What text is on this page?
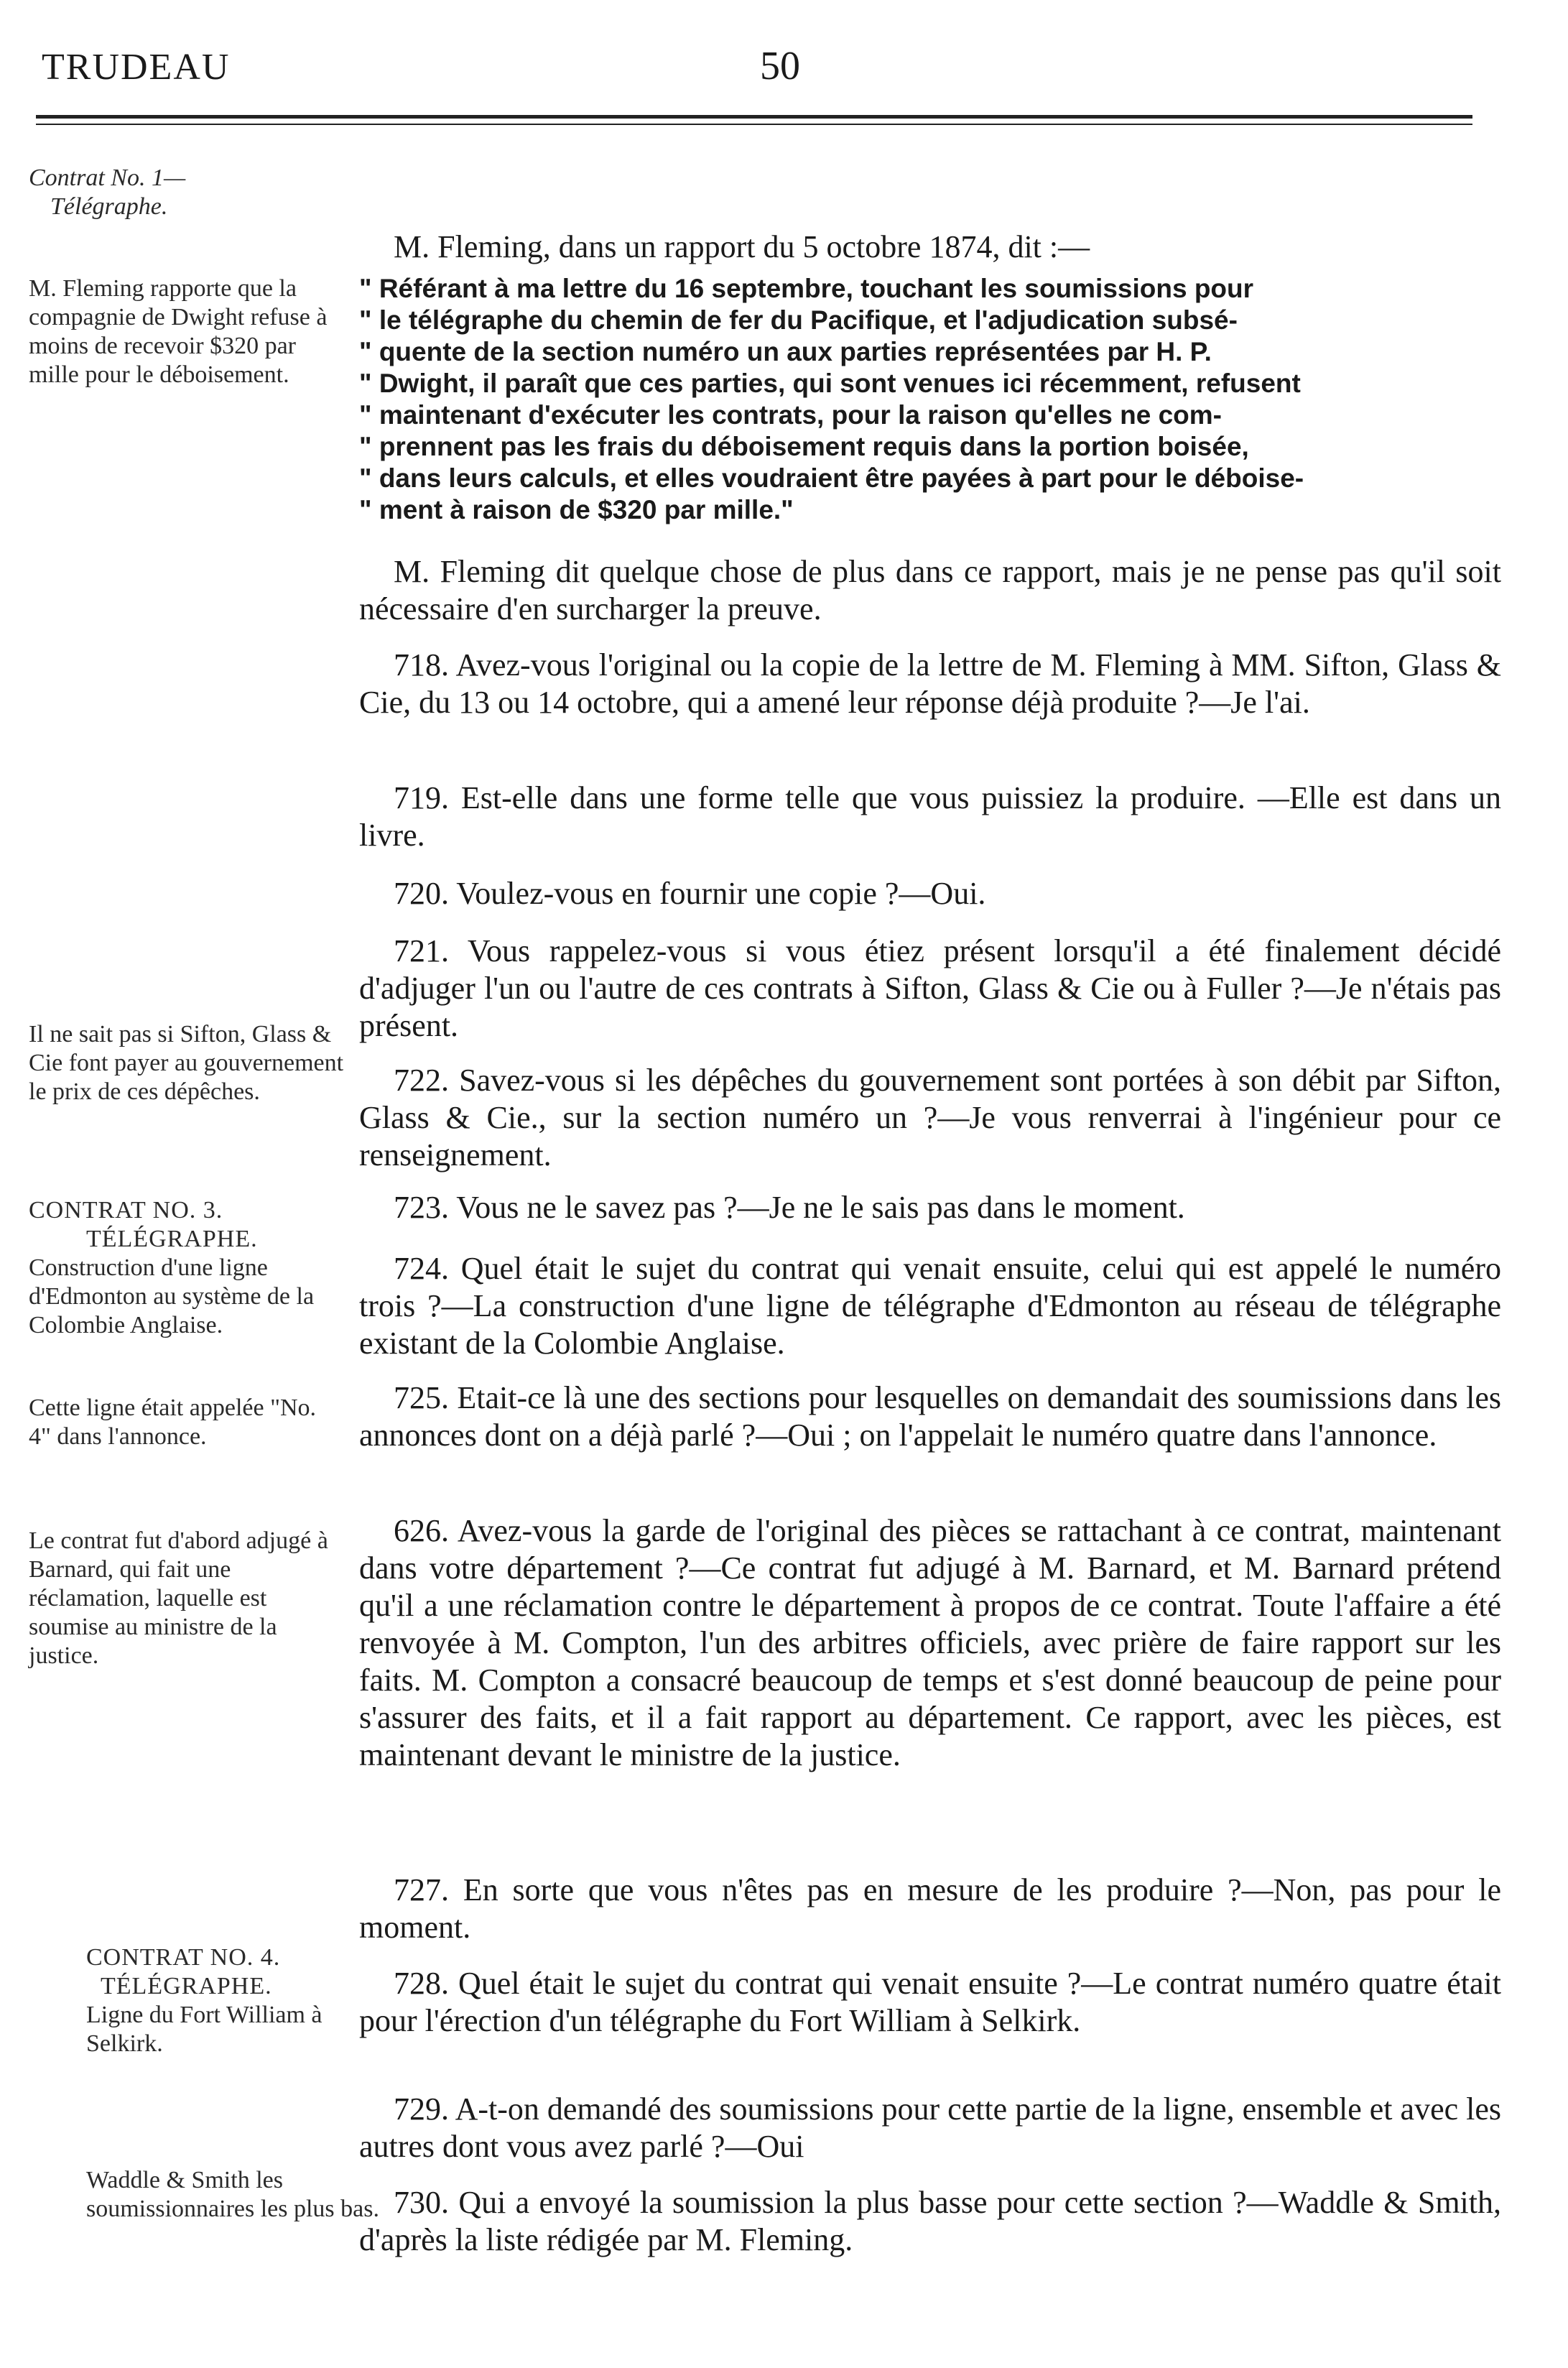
TRUDEAU	50
Contrat No. 1—
Télégraphe.
M. Fleming rapporte que la compagnie de Dwight refuse à moins de recevoir $320 par mille pour le déboisement.
Il ne sait pas si Sifton, Glass & Cie font payer au gouvernement le prix de ces dépêches.
CONTRAT NO. 3.
TÉLÉGRAPHE.
Construction d'une ligne d'Edmonton au système de la Colombie Anglaise.
Cette ligne était appelée "No. 4" dans l'annonce.
Le contrat fut d'abord adjugé à Barnard, qui fait une réclamation, laquelle est soumise au ministre de la justice.
CONTRAT NO. 4.
TÉLÉGRAPHE.
Ligne du Fort William à Selkirk.
Waddle & Smith les soumissionnaires les plus bas.
M. Fleming, dans un rapport du 5 octobre 1874, dit :—
" Référant à ma lettre du 16 septembre, touchant les soumissions pour
" le télégraphe du chemin de fer du Pacifique, et l'adjudication subsé-
" quente de la section numéro un aux parties représentées par H. P.
" Dwight, il paraît que ces parties, qui sont venues ici récemment, refusent
" maintenant d'exécuter les contrats, pour la raison qu'elles ne com-
" prennent pas les frais du déboisement requis dans la portion boisée,
" dans leurs calculs, et elles voudraient être payées à part pour le déboise-
" ment à raison de $320 par mille."
M. Fleming dit quelque chose de plus dans ce rapport, mais je ne pense pas qu'il soit nécessaire d'en surcharger la preuve.
718. Avez-vous l'original ou la copie de la lettre de M. Fleming à MM. Sifton, Glass & Cie, du 13 ou 14 octobre, qui a amené leur réponse déjà produite ?—Je l'ai.
719. Est-elle dans une forme telle que vous puissiez la produire. —Elle est dans un livre.
720. Voulez-vous en fournir une copie ?—Oui.
721. Vous rappelez-vous si vous étiez présent lorsqu'il a été finalement décidé d'adjuger l'un ou l'autre de ces contrats à Sifton, Glass & Cie ou à Fuller ?—Je n'étais pas présent.
722. Savez-vous si les dépêches du gouvernement sont portées à son débit par Sifton, Glass & Cie., sur la section numéro un ?—Je vous renverrai à l'ingénieur pour ce renseignement.
723. Vous ne le savez pas ?—Je ne le sais pas dans le moment.
724. Quel était le sujet du contrat qui venait ensuite, celui qui est appelé le numéro trois ?—La construction d'une ligne de télégraphe d'Edmonton au réseau de télégraphe existant de la Colombie Anglaise.
725. Etait-ce là une des sections pour lesquelles on demandait des soumissions dans les annonces dont on a déjà parlé ?—Oui ; on l'appelait le numéro quatre dans l'annonce.
626. Avez-vous la garde de l'original des pièces se rattachant à ce contrat, maintenant dans votre département ?—Ce contrat fut adjugé à M. Barnard, et M. Barnard prétend qu'il a une réclamation contre le département à propos de ce contrat. Toute l'affaire a été renvoyée à M. Compton, l'un des arbitres officiels, avec prière de faire rapport sur les faits. M. Compton a consacré beaucoup de temps et s'est donné beaucoup de peine pour s'assurer des faits, et il a fait rapport au département. Ce rapport, avec les pièces, est maintenant devant le ministre de la justice.
727. En sorte que vous n'êtes pas en mesure de les produire ?—Non, pas pour le moment.
728. Quel était le sujet du contrat qui venait ensuite ?—Le contrat numéro quatre était pour l'érection d'un télégraphe du Fort William à Selkirk.
729. A-t-on demandé des soumissions pour cette partie de la ligne, ensemble et avec les autres dont vous avez parlé ?—Oui
730. Qui a envoyé la soumission la plus basse pour cette section ?—Waddle & Smith, d'après la liste rédigée par M. Fleming.
